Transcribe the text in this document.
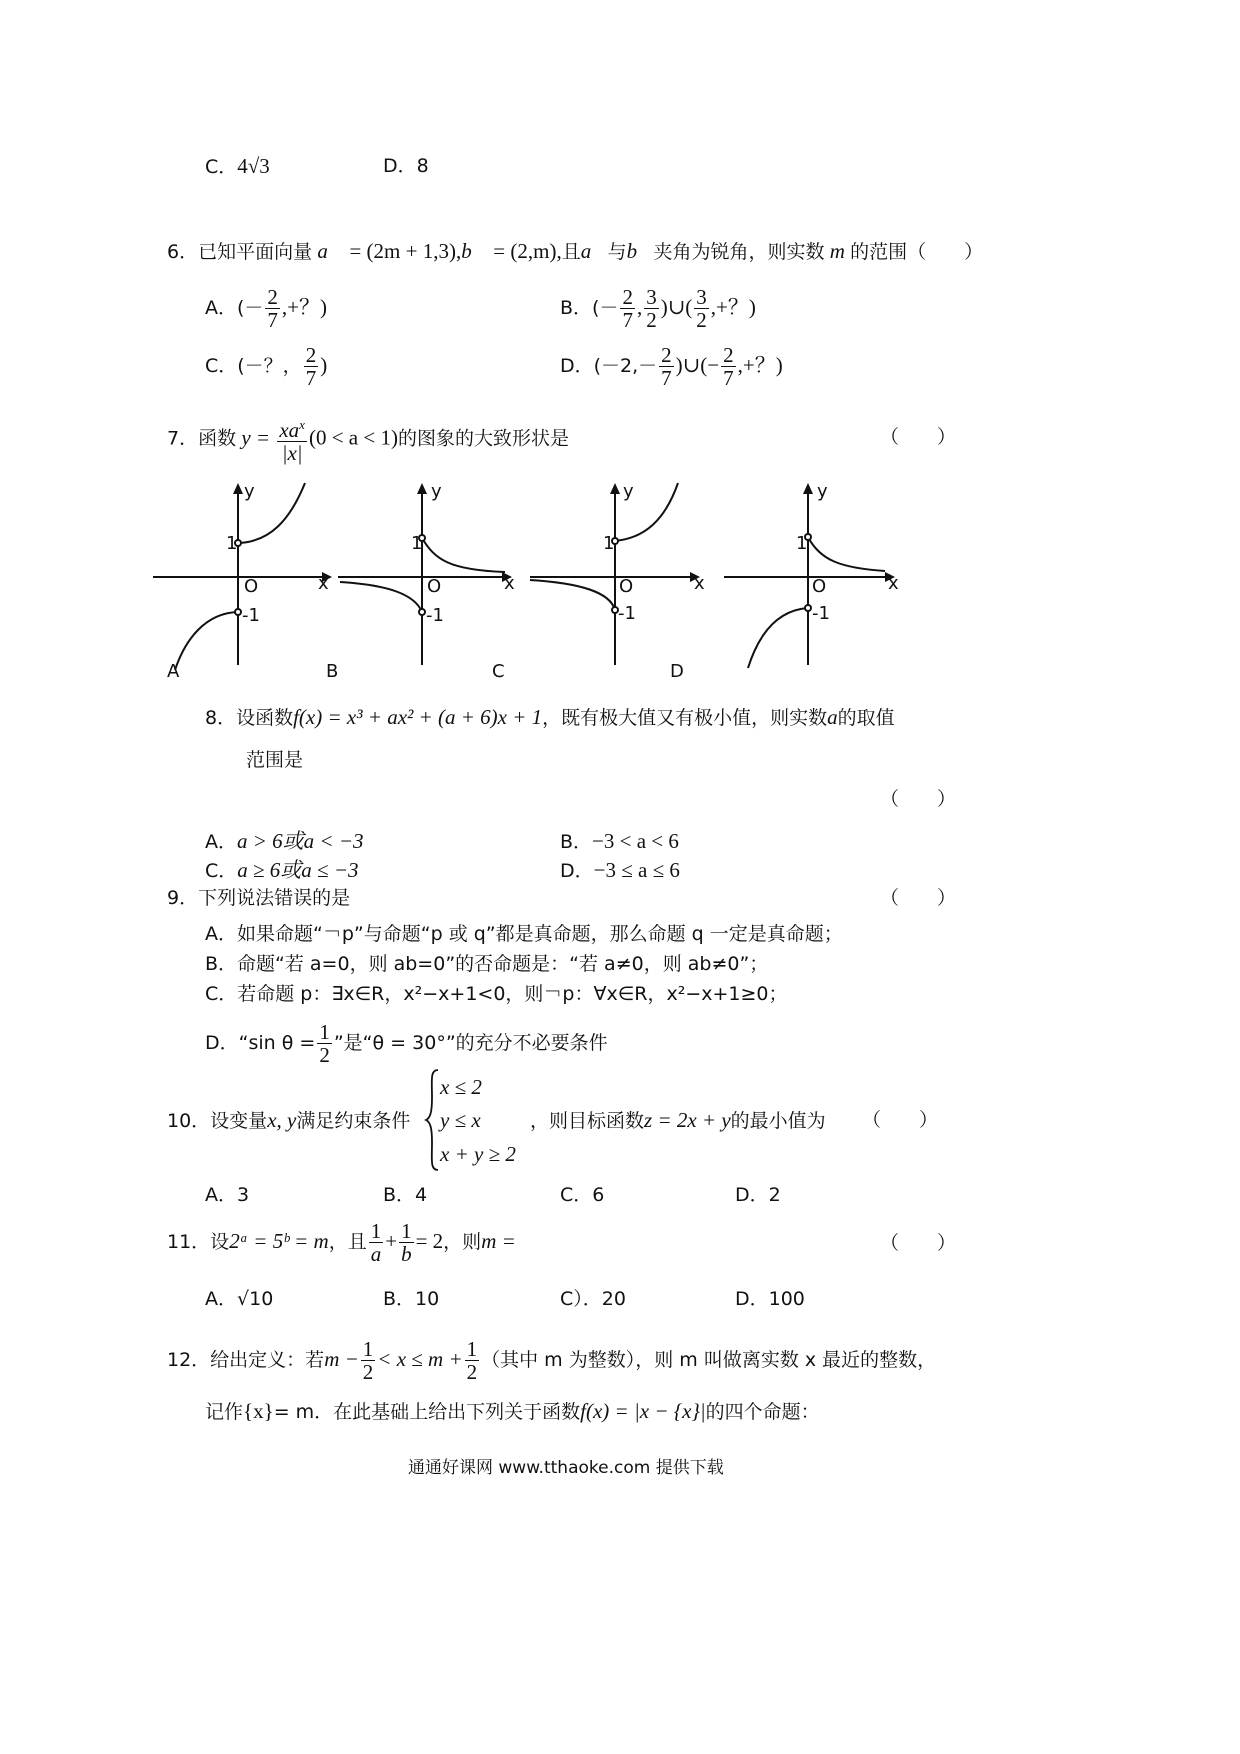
C．4√3	D．8
6．已知平面向量 a⃗ = (2m + 1,3),b⃗ = (2,m),且a⃗与b⃗夹角为锐角，则实数 m 的范围（　　）
A．(－ $\frac{2}{7}$ ,+？)	B．(－ $\frac{2}{7}$ , $\frac{3}{2}$ )∪( $\frac{3}{2}$ ,+？)
C．(－？， $\frac{2}{7}$ )	D．($-2,- \frac{2}{7}$ )∪(− $\frac{2}{7}$ ,+？)
7．函数 $y = \frac{xa^x}{|x|} (0 < a < 1)$的图象的大致形状是	（　　）
y
1
O	x
-1
A
y
1
O	x
-1
B
y
1
O	x
-1
C
y
1
O	x
-1
D
8．设函数f(x) = x³ + ax² + (a + 6)x + 1，既有极大值又有极小值，则实数a的取值
范围是
（　　）
A．a > 6或a < −3	B．−3 < a < 6
C．a ≥ 6或a ≤ −3	D．−3 ≤ a ≤ 6
9．下列说法错误的是	（　　）
A．如果命题“￢p”与命题“p 或 q”都是真命题，那么命题 q 一定是真命题；
B．命题“若 a=0，则 ab=0”的否命题是：“若 a≠0，则 ab≠0”；
C．若命题 p：∃x∈R，x²−x+1<0，则￢p：∀x∈R，x²−x+1≥0；
D．“sin $\theta = \frac{1}{2}$ ”是“θ = 30°”的充分不必要条件
10．设变量x, y满足约束条件
x ≤ 2
y ≤ x
x + y ≥ 2
，则目标函数z = 2x + y的最小值为 （　　）
A．3	B．4	C．6	D．2
11．设2ᵃ = 5ᵇ = m，且 $\frac{1}{a} + \frac{1}{b} = 2$，则m =	（　　）
A．√10	B．10	C）．20	D．100
12．给出定义：若$m - \frac{1}{2} < x \le m + \frac{1}{2}$ （其中 m 为整数），则 m 叫做离实数 x 最近的整数，
记作{x}= m．在此基础上给出下列关于函数f(x) = |x − {x}|的四个命题：
通通好课网 www.tthaoke.com 提供下载
